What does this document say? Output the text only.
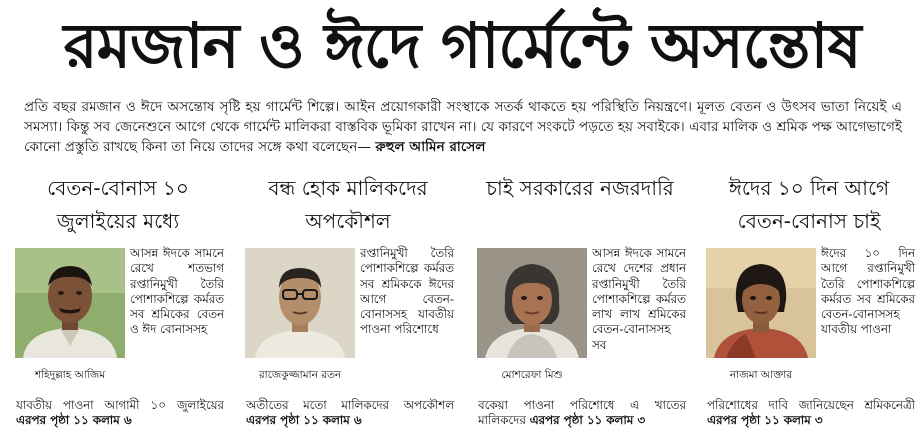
রমজান ও ঈদে গার্মেন্টে অসন্তোষ

প্রতি বছর রমজান ও ঈদে অসন্তোষ সৃষ্টি হয় গার্মেন্ট শিল্পে। আইন প্রয়োগকারী সংস্থাকে সতর্ক থাকতে হয় পরিস্থিতি নিয়ন্ত্রণে। মূলত বেতন ও উৎসব ভাতা নিয়েই এ সমস্যা। কিন্তু সব জেনেশুনে আগে থেকে গার্মেন্ট মালিকরা বাস্তবিক ভূমিকা রাখেন না। যে কারণে সংকটে পড়তে হয় সবাইকে। এবার মালিক ও শ্রমিক পক্ষ আগেভাগেই কোনো প্রস্তুতি রাখছে কিনা তা নিয়ে তাদের সঙ্গে কথা বলেছেন— রুহুল আমিন রাসেল

বেতন-বোনাস ১০ জুলাইয়ের মধ্যে
শহিদুল্লাহ আজিম
আসন্ন ঈদকে সামনে রেখে শতভাগ রপ্তানিমুখী তৈরি পোশাকশিল্পে কর্মরত সব শ্রমিকের বেতন ও ঈদ বোনাসসহ
যাবতীয় পাওনা আগামী ১০ জুলাইয়ের এরপর পৃষ্ঠা ১১ কলাম ৬
বন্ধ হোক মালিকদের অপকৌশল
রাজেকুজ্জামান রতন
রপ্তানিমুখী তৈরি পোশাকশিল্পে কর্মরত সব শ্রমিককে ঈদের আগে বেতন-বোনাসসহ যাবতীয় পাওনা পরিশোধে
অতীতের মতো মালিকদের অপকৌশল এরপর পৃষ্ঠা ১১ কলাম ৬
চাই সরকারের নজরদারি
মোশরেফা মিশু
আসন্ন ঈদকে সামনে রেখে দেশের প্রধান রপ্তানিমুখী তৈরি পোশাকশিল্পে কর্মরত লাখ লাখ শ্রমিকের বেতন-বোনাসসহ সব
বকেয়া পাওনা পরিশোধে এ খাতের মালিকদের এরপর পৃষ্ঠা ১১ কলাম ৩
ঈদের ১০ দিন আগে বেতন-বোনাস চাই
নাজমা আক্তার
ঈদের ১০ দিন আগে রপ্তানিমুখী তৈরি পোশাকশিল্পে কর্মরত সব শ্রমিকের বেতন-বোনাসসহ যাবতীয় পাওনা
পরিশোধের দাবি জানিয়েছেন শ্রমিকনেত্রী এরপর পৃষ্ঠা ১১ কলাম ৩
